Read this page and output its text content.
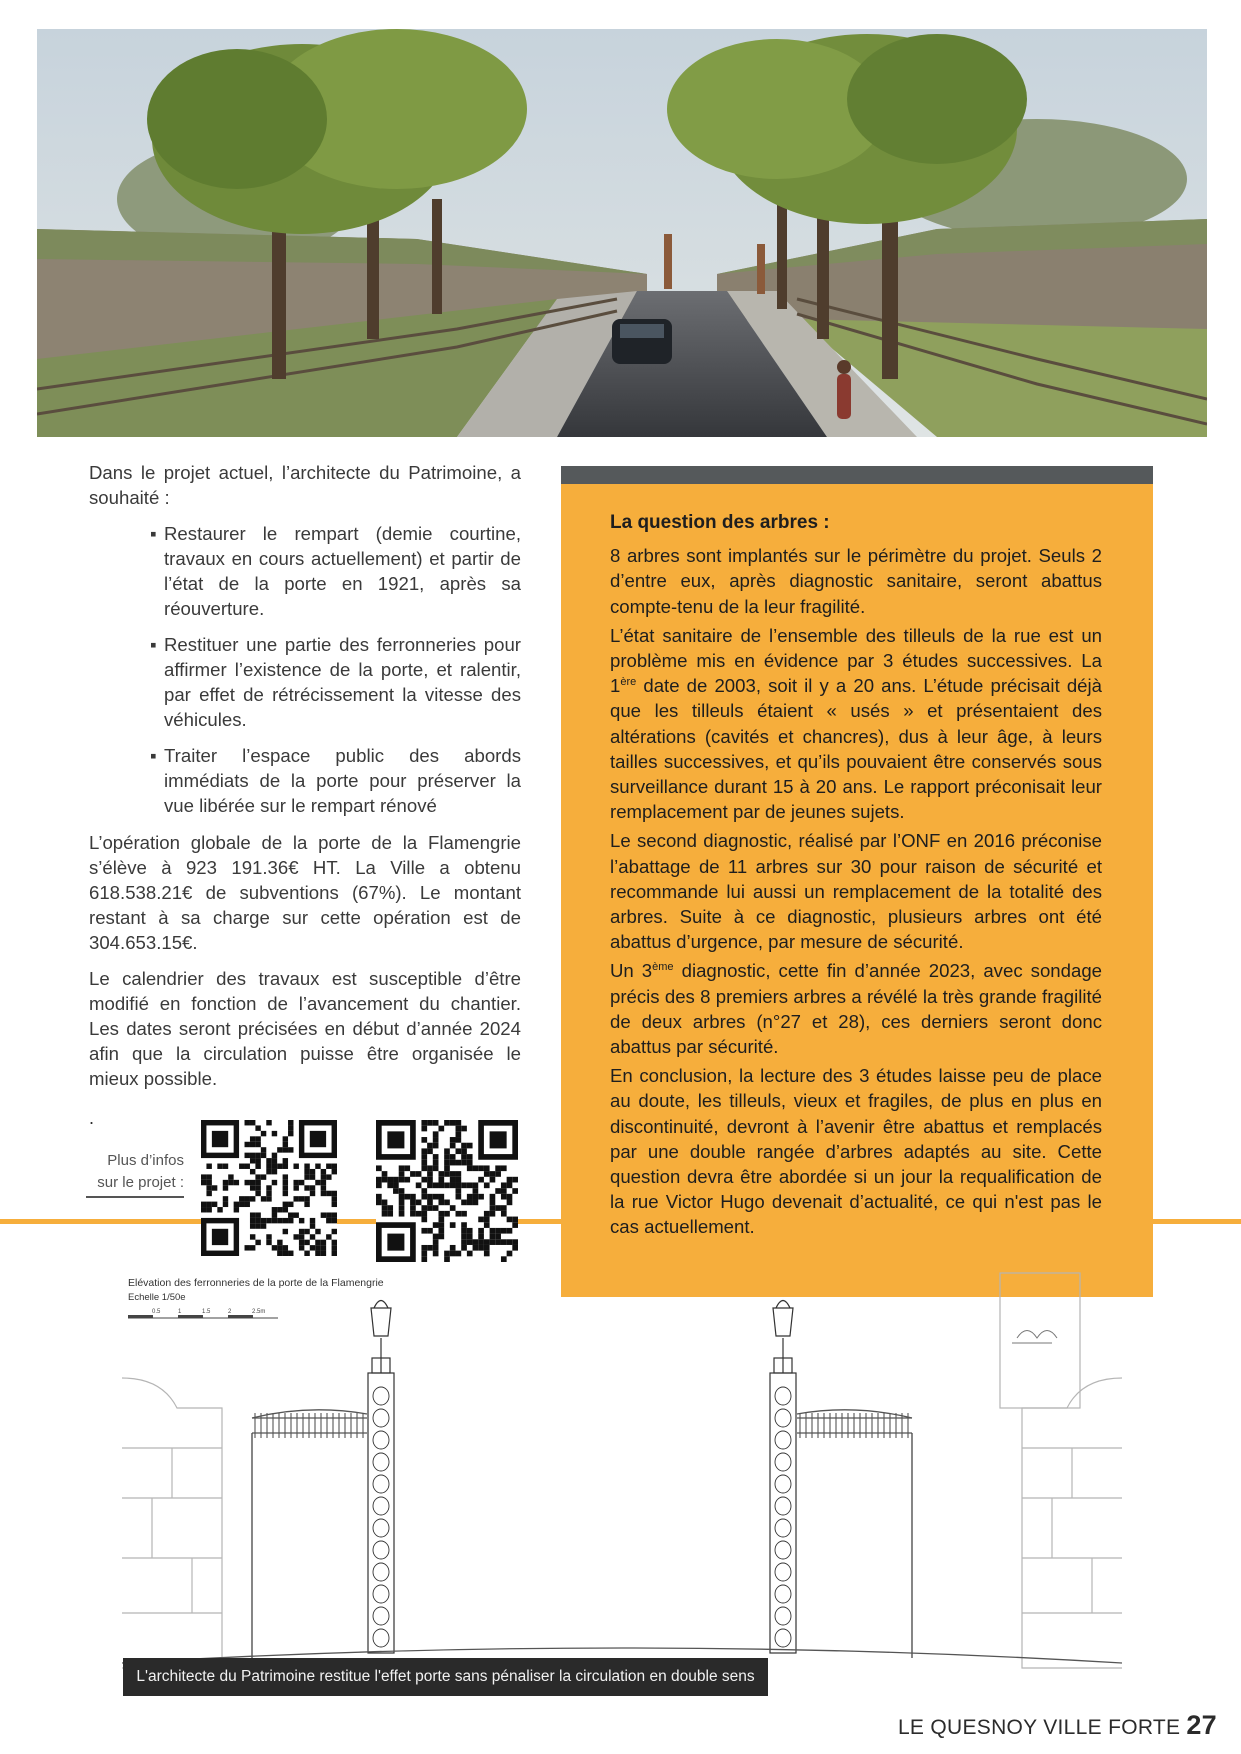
Dans le projet actuel, l’architecte du Patrimoine, a souhaité :

▪ Restaurer le rempart (demie courtine, travaux en cours actuellement) et partir de l’état de la porte en 1921, après sa réouverture.
▪ Restituer une partie des ferronneries pour affirmer l’existence de la porte, et ralentir, par effet de rétrécissement la vitesse des véhicules.
▪ Traiter l’espace public des abords immédiats de la porte pour préserver la vue libérée sur le rempart rénové

L’opération globale de la porte de la Flamengrie s’élève à 923 191.36€ HT. La Ville a obtenu 618.538.21€ de subventions (67%). Le montant restant à sa charge sur cette opération est de 304.653.15€.

Le calendrier des travaux est susceptible d’être modifié en fonction de l’avancement du chantier. Les dates seront précisées en début d’année 2024 afin que la circulation puisse être organisée le mieux possible.

.
Plus d’infos
sur le projet :
La question des arbres :

8 arbres sont implantés sur le périmètre du projet. Seuls 2 d’entre eux, après diagnostic sanitaire, seront abattus compte-tenu de la leur fragilité.

L’état sanitaire de l’ensemble des tilleuls de la rue est un problème mis en évidence par 3 études successives. La 1ère date de 2003, soit il y a 20 ans. L’étude précisait déjà que les tilleuls étaient « usés » et présentaient des altérations (cavités et chancres), dus à leur âge, à leurs tailles successives, et qu’ils pouvaient être conservés sous surveillance durant 15 à 20 ans. Le rapport préconisait leur remplacement par de jeunes sujets.

Le second diagnostic, réalisé par l’ONF en 2016 préconise l’abattage de 11 arbres sur 30 pour raison de sécurité et recommande lui aussi un remplacement de la totalité des arbres. Suite à ce diagnostic, plusieurs arbres ont été abattus d’urgence, par mesure de sécurité.

Un 3ème diagnostic, cette fin d’année 2023, avec sondage précis des 8 premiers arbres a révélé la très grande fragilité de deux arbres (n°27 et 28), ces derniers seront donc abattus par sécurité.

En conclusion, la lecture des 3 études laisse peu de place au doute, les tilleuls, vieux et fragiles, de plus en plus en discontinuité, devront à l’avenir être abattus et remplacés par une double rangée d’arbres adaptés au site. Cette question devra être abordée si un jour la requalification de la rue Victor Hugo devenait d’actualité, ce qui n'est pas le cas actuellement.

Elévation des ferronneries de la porte de la Flamengrie
Echelle 1/50e
0.5	1	1.5	2	2.5m
L'architecte du Patrimoine restitue l'effet porte sans pénaliser la circulation en double sens
LE QUESNOY VILLE FORTE 27
